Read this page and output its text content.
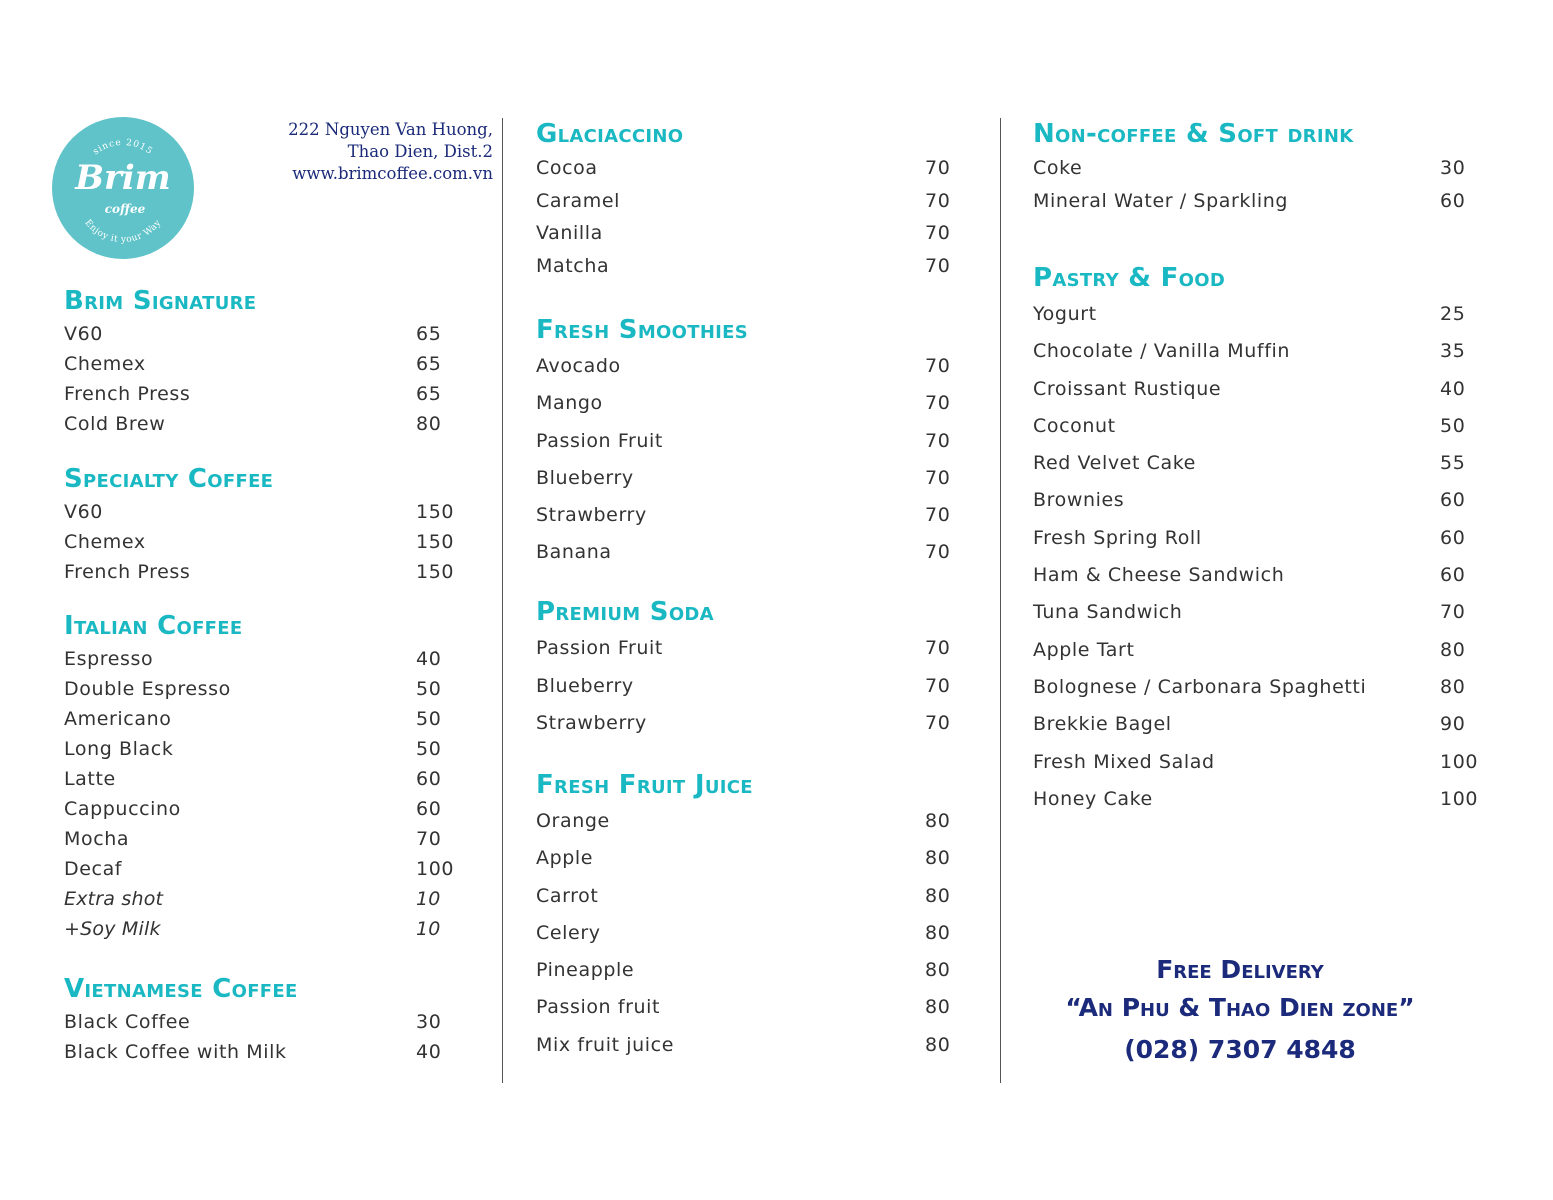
since 2015
Brim
coffee
Enjoy it your Way
222 Nguyen Van Huong,
Thao Dien, Dist.2
www.brimcoffee.com.vn
Brim Signature
V60	65
Chemex	65
French Press	65
Cold Brew	80
Specialty Coffee
V60	150
Chemex	150
French Press	150
Italian Coffee
Espresso	40
Double Espresso	50
Americano	50
Long Black	50
Latte	60
Cappuccino	60
Mocha	70
Decaf	100
Extra shot	10
+Soy Milk	10
Vietnamese Coffee
Black Coffee	30
Black Coffee with Milk	40
Glaciaccino
Cocoa	70
Caramel	70
Vanilla	70
Matcha	70
Fresh Smoothies
Avocado	70
Mango	70
Passion Fruit	70
Blueberry	70
Strawberry	70
Banana	70
Premium Soda
Passion Fruit	70
Blueberry	70
Strawberry	70
Fresh Fruit Juice
Orange	80
Apple	80
Carrot	80
Celery	80
Pineapple	80
Passion fruit	80
Mix fruit juice	80
Non-coffee & Soft drink
Coke	30
Mineral Water / Sparkling	60
Pastry & Food
Yogurt	25
Chocolate / Vanilla Muffin	35
Croissant Rustique	40
Coconut	50
Red Velvet Cake	55
Brownies	60
Fresh Spring Roll	60
Ham & Cheese Sandwich	60
Tuna Sandwich	70
Apple Tart	80
Bolognese / Carbonara Spaghetti	80
Brekkie Bagel	90
Fresh Mixed Salad	100
Honey Cake	100
Free Delivery
“An Phu & Thao Dien zone”
(028) 7307 4848
